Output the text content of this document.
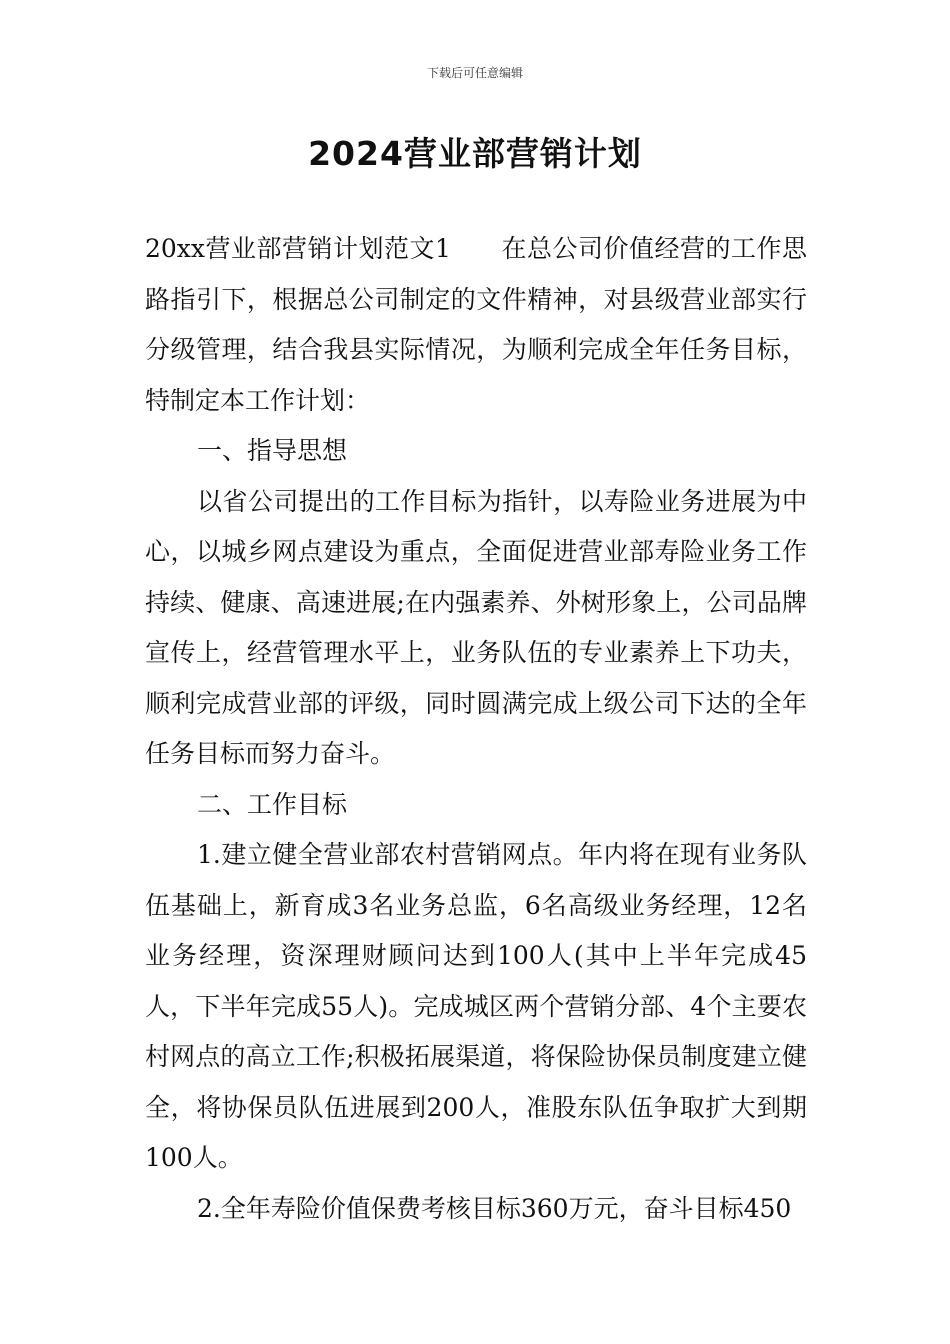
下载后可任意编辑
2024营业部营销计划

20xx营业部营销计划范文1 在总公司价值经营的工作思路指引下，根据总公司制定的文件精神，对县级营业部实行分级管理，结合我县实际情况，为顺利完成全年任务目标，特制定本工作计划：

一、指导思想

以省公司提出的工作目标为指针，以寿险业务进展为中心，以城乡网点建设为重点，全面促进营业部寿险业务工作持续、健康、高速进展;在内强素养、外树形象上，公司品牌宣传上，经营管理水平上，业务队伍的专业素养上下功夫，顺利完成营业部的评级，同时圆满完成上级公司下达的全年任务目标而努力奋斗。

二、工作目标

1.建立健全营业部农村营销网点。年内将在现有业务队伍基础上，新育成3名业务总监，6名高级业务经理，12名业务经理，资深理财顾问达到100人(其中上半年完成45人，下半年完成55人)。完成城区两个营销分部、4个主要农村网点的高立工作;积极拓展渠道，将保险协保员制度建立健全，将协保员队伍进展到200人，准股东队伍争取扩大到期100人。

2.全年寿险价值保费考核目标360万元，奋斗目标450
